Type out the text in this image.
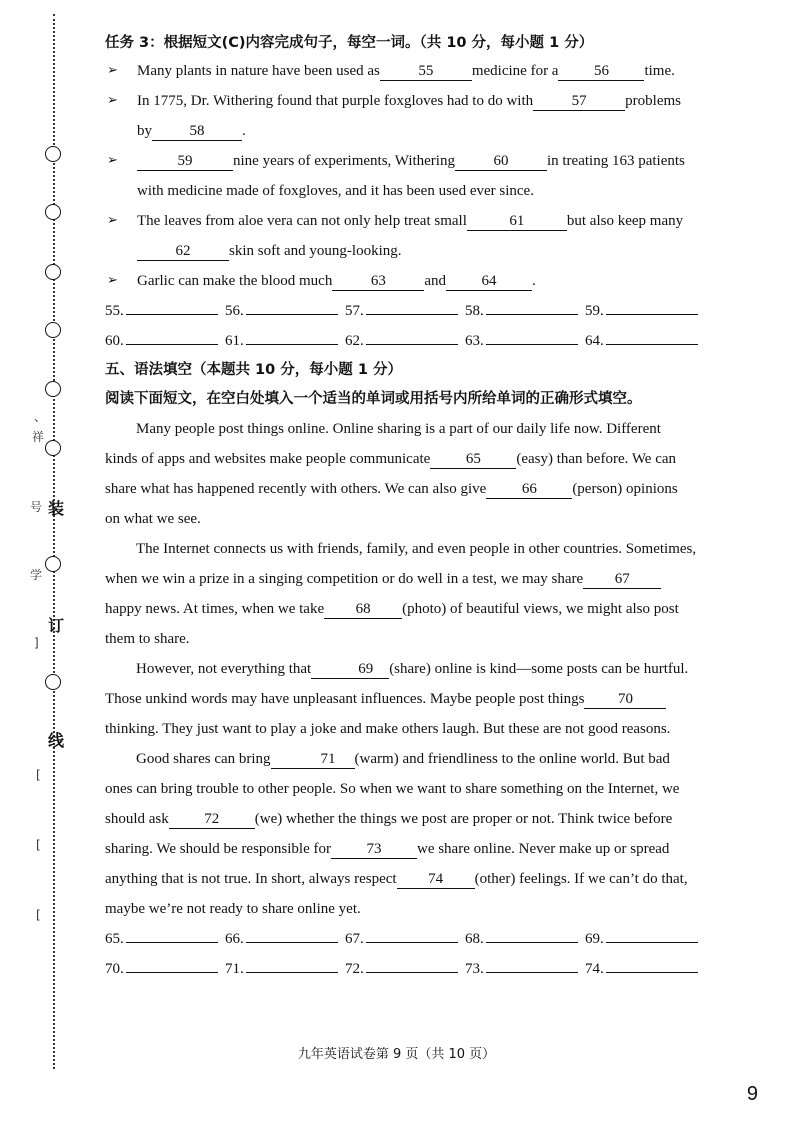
装
订
线
、
祥
号
学
]
[
[
[
任务 3：根据短文(C)内容完成句子，每空一词。（共 10 分，每小题 1 分）
➢ Many plants in nature have been used as	55	medicine for a 56 time.
➢ In 1775, Dr. Withering found that purple foxgloves had to do with	57	problems
by	58	.
➢	59	nine years of experiments, Withering	60	in treating 163 patients
with medicine made of foxgloves, and it has been used ever since.
➢ The leaves from aloe vera can not only help treat small	61	but also keep many
62	skin soft and young-looking.
➢ Garlic can make the blood much	63	and 64 .
55.	56.	57.	58.	59.
60.	61.	62.	63.	64.
五、语法填空（本题共 10 分，每小题 1 分）
阅读下面短文，在空白处填入一个适当的单词或用括号内所给单词的正确形式填空。
Many people post things online. Online sharing is a part of our daily life now. Different
kinds of apps and websites make people communicate 65 (easy) than before. We can
share what has happened recently with others. We can also give 66 (person) opinions
on what we see.
The Internet connects us with friends, family, and even people in other countries. Sometimes,
when we win a prize in a singing competition or do well in a test, we may share 67
happy news. At times, when we take 68 (photo) of beautiful views, we might also post
them to share.
However, not everything that	69 (share) online is kind—some posts can be hurtful.
Those unkind words may have unpleasant influences. Maybe people post things 70
thinking. They just want to play a joke and make others laugh. But these are not good reasons.
Good shares can bring	71 (warm) and friendliness to the online world. But bad
ones can bring trouble to other people. So when we want to share something on the Internet, we
should ask 72 (we) whether the things we post are proper or not. Think twice before
sharing. We should be responsible for 73 we share online. Never make up or spread
anything that is not true. In short, always respect 74 (other) feelings. If we can’t do that,
maybe we’re not ready to share online yet.
65.	66.	67.	68.	69.
70.	71.	72.	73.	74.
九年英语试卷第 9 页（共 10 页）
9
